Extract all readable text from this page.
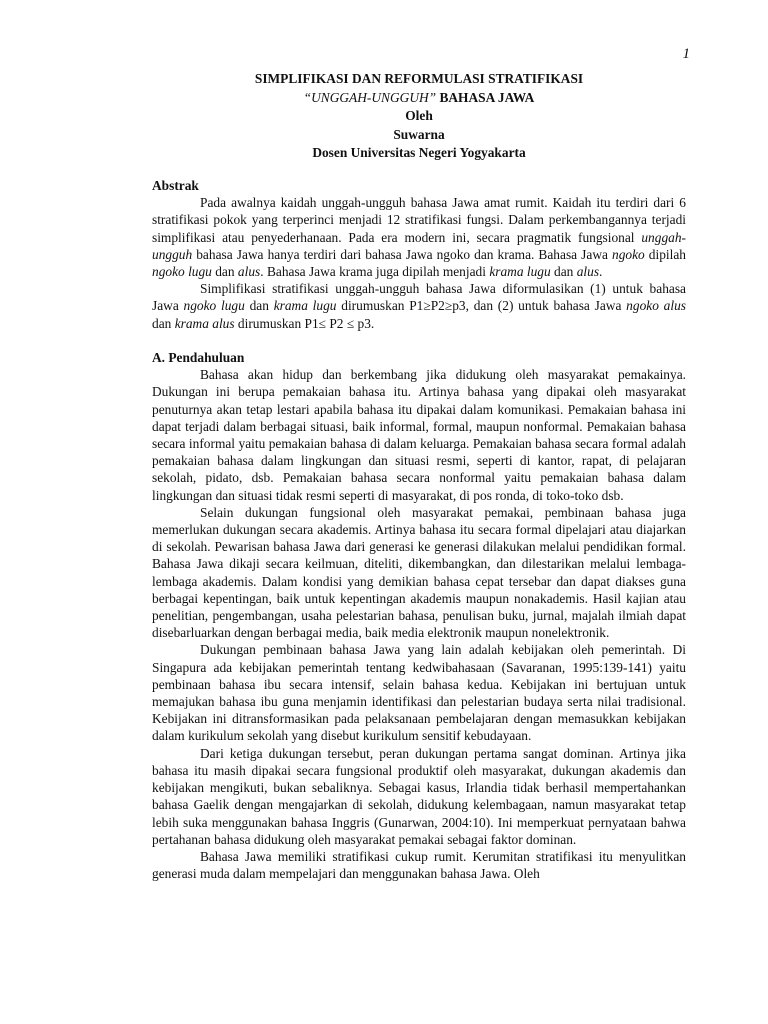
1
SIMPLIFIKASI DAN REFORMULASI STRATIFIKASI
“UNGGAH-UNGGUH” BAHASA JAWA
Oleh
Suwarna
Dosen Universitas Negeri Yogyakarta
Abstrak

Pada awalnya kaidah unggah-ungguh bahasa Jawa amat rumit. Kaidah itu terdiri dari 6 stratifikasi pokok yang terperinci menjadi 12 stratifikasi fungsi. Dalam perkembangannya terjadi simplifikasi atau penyederhanaan. Pada era modern ini, secara pragmatik fungsional unggah-ungguh bahasa Jawa hanya terdiri dari bahasa Jawa ngoko dan krama. Bahasa Jawa ngoko dipilah ngoko lugu dan alus. Bahasa Jawa krama juga dipilah menjadi krama lugu dan alus.

Simplifikasi stratifikasi unggah-ungguh bahasa Jawa diformulasikan (1) untuk bahasa Jawa ngoko lugu dan krama lugu dirumuskan P1≥P2≥p3, dan (2) untuk bahasa Jawa ngoko alus dan krama alus dirumuskan P1≤ P2 ≤ p3.

A. Pendahuluan

Bahasa akan hidup dan berkembang jika didukung oleh masyarakat pemakainya. Dukungan ini berupa pemakaian bahasa itu. Artinya bahasa yang dipakai oleh masyarakat penuturnya akan tetap lestari apabila bahasa itu dipakai dalam komunikasi. Pemakaian bahasa ini dapat terjadi dalam berbagai situasi, baik informal, formal, maupun nonformal. Pemakaian bahasa secara informal yaitu pemakaian bahasa di dalam keluarga. Pemakaian bahasa secara formal adalah pemakaian bahasa dalam lingkungan dan situasi resmi, seperti di kantor, rapat, di pelajaran sekolah, pidato, dsb. Pemakaian bahasa secara nonformal yaitu pemakaian bahasa dalam lingkungan dan situasi tidak resmi seperti di masyarakat, di pos ronda, di toko-toko dsb.

Selain dukungan fungsional oleh masyarakat pemakai, pembinaan bahasa juga memerlukan dukungan secara akademis. Artinya bahasa itu secara formal dipelajari atau diajarkan di sekolah. Pewarisan bahasa Jawa dari generasi ke generasi dilakukan melalui pendidikan formal. Bahasa Jawa dikaji secara keilmuan, diteliti, dikembangkan, dan dilestarikan melalui lembaga-lembaga akademis. Dalam kondisi yang demikian bahasa cepat tersebar dan dapat diakses guna berbagai kepentingan, baik untuk kepentingan akademis maupun nonakademis. Hasil kajian atau penelitian, pengembangan, usaha pelestarian bahasa, penulisan buku, jurnal, majalah ilmiah dapat disebarluarkan dengan berbagai media, baik media elektronik maupun nonelektronik.

Dukungan pembinaan bahasa Jawa yang lain adalah kebijakan oleh pemerintah. Di Singapura ada kebijakan pemerintah tentang kedwibahasaan (Savaranan, 1995:139-141) yaitu pembinaan bahasa ibu secara intensif, selain bahasa kedua. Kebijakan ini bertujuan untuk memajukan bahasa ibu guna menjamin identifikasi dan pelestarian budaya serta nilai tradisional. Kebijakan ini ditransformasikan pada pelaksanaan pembelajaran dengan memasukkan kebijakan dalam kurikulum sekolah yang disebut kurikulum sensitif kebudayaan.

Dari ketiga dukungan tersebut, peran dukungan pertama sangat dominan. Artinya jika bahasa itu masih dipakai secara fungsional produktif oleh masyarakat, dukungan akademis dan kebijakan mengikuti, bukan sebaliknya. Sebagai kasus, Irlandia tidak berhasil mempertahankan bahasa Gaelik dengan mengajarkan di sekolah, didukung kelembagaan, namun masyarakat tetap lebih suka menggunakan bahasa Inggris (Gunarwan, 2004:10). Ini memperkuat pernyataan bahwa pertahanan bahasa didukung oleh masyarakat pemakai sebagai faktor dominan.

Bahasa Jawa memiliki stratifikasi cukup rumit. Kerumitan stratifikasi itu menyulitkan generasi muda dalam mempelajari dan menggunakan bahasa Jawa. Oleh
